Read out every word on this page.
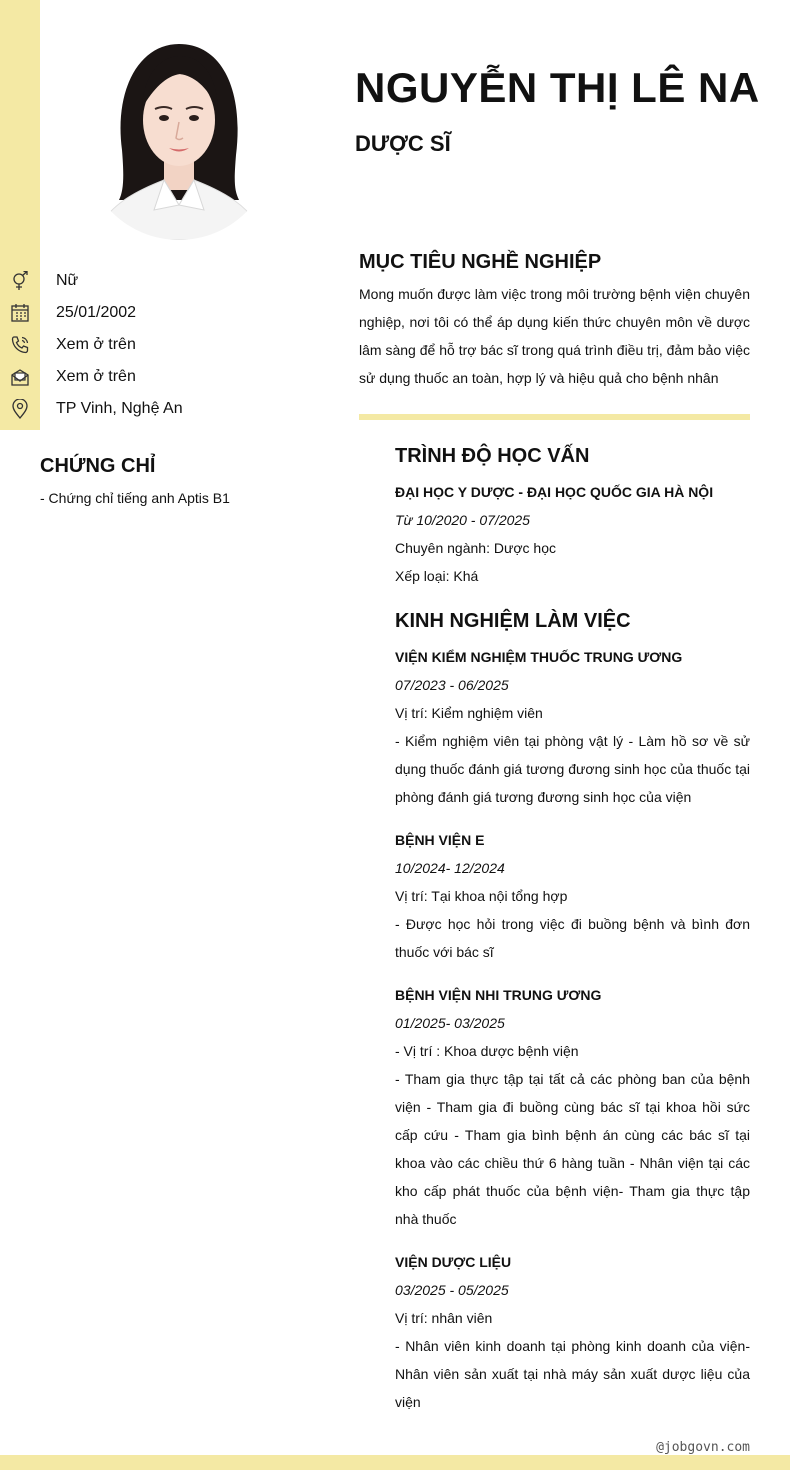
NGUYỄN THỊ LÊ NA
DƯỢC SĨ
Nữ
25/01/2002
Xem ở trên
Xem ở trên
TP Vinh, Nghệ An
CHỨNG CHỈ
- Chứng chỉ tiếng anh Aptis B1
MỤC TIÊU NGHỀ NGHIỆP
Mong muốn được làm việc trong môi trường bệnh viện chuyên nghiệp, nơi tôi có thể áp dụng kiến thức chuyên môn về dược lâm sàng để hỗ trợ bác sĩ trong quá trình điều trị, đảm bảo việc sử dụng thuốc an toàn, hợp lý và hiệu quả cho bệnh nhân
TRÌNH ĐỘ HỌC VẤN
ĐẠI HỌC Y DƯỢC - ĐẠI HỌC QUỐC GIA HÀ NỘI
Từ 10/2020 - 07/2025
Chuyên ngành: Dược học
Xếp loại: Khá
KINH NGHIỆM LÀM VIỆC
VIỆN KIỂM NGHIỆM THUỐC TRUNG ƯƠNG
07/2023 - 06/2025
Vị trí: Kiểm nghiệm viên
- Kiểm nghiệm viên tại phòng vật lý - Làm hồ sơ về sử dụng thuốc đánh giá tương đương sinh học của thuốc tại phòng đánh giá tương đương sinh học của viện
BỆNH VIỆN E
10/2024- 12/2024
Vị trí: Tại khoa nội tổng hợp
- Được học hỏi trong việc đi buồng bệnh và bình đơn thuốc với bác sĩ
BỆNH VIỆN NHI TRUNG ƯƠNG
01/2025- 03/2025
- Vị trí : Khoa dược bệnh viện
- Tham gia thực tập tại tất cả các phòng ban của bệnh viện - Tham gia đi buồng cùng bác sĩ tại khoa hồi sức cấp cứu - Tham gia bình bệnh án cùng các bác sĩ tại khoa vào các chiều thứ 6 hàng tuần - Nhân viện tại các kho cấp phát thuốc của bệnh viện- Tham gia thực tập nhà thuốc
VIỆN DƯỢC LIỆU
03/2025 - 05/2025
Vị trí: nhân viên
- Nhân viên kinh doanh tại phòng kinh doanh của viện- Nhân viên sản xuất tại nhà máy sản xuất dược liệu của viện
@jobgovn.com
